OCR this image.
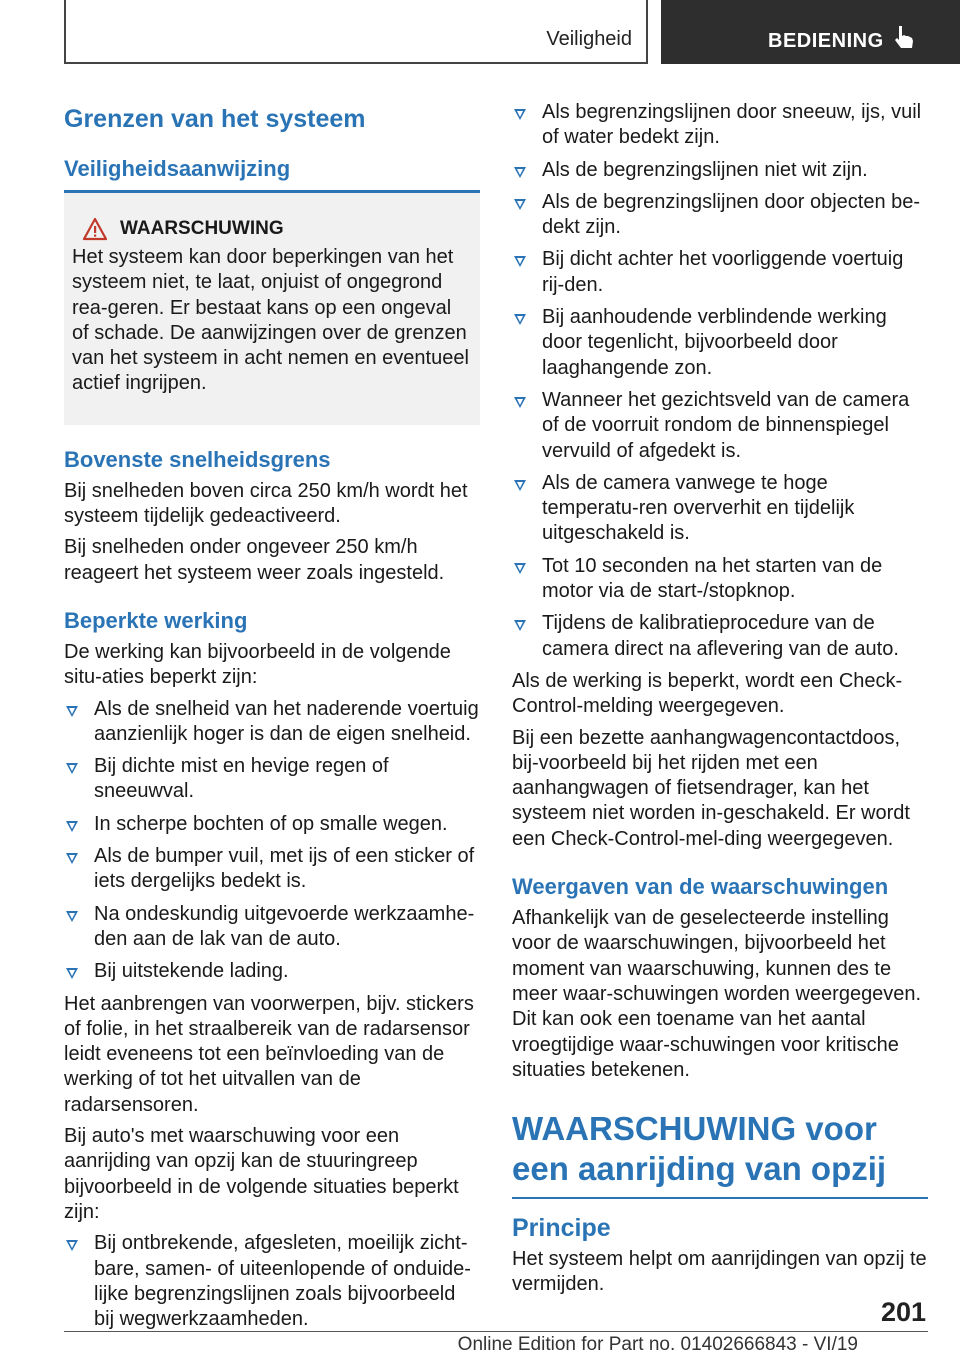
Veiligheid	BEDIENING
Grenzen van het systeem
Veiligheidsaanwijzing
WAARSCHUWING

Het systeem kan door beperkingen van het systeem niet, te laat, onjuist of ongegrond rea-geren. Er bestaat kans op een ongeval of schade. De aanwijzingen over de grenzen van het systeem in acht nemen en eventueel actief ingrijpen.

Bovenste snelheidsgrens

Bij snelheden boven circa 250 km/h wordt het systeem tijdelijk gedeactiveerd.

Bij snelheden onder ongeveer 250 km/h reageert het systeem weer zoals ingesteld.

Beperkte werking

De werking kan bijvoorbeeld in de volgende situ-aties beperkt zijn:

Als de snelheid van het naderende voertuig aanzienlijk hoger is dan de eigen snelheid.
Bij dichte mist en hevige regen of sneeuwval.
In scherpe bochten of op smalle wegen.
Als de bumper vuil, met ijs of een sticker of iets dergelijks bedekt is.
Na ondeskundig uitgevoerde werkzaamhe-den aan de lak van de auto.
Bij uitstekende lading.

Het aanbrengen van voorwerpen, bijv. stickers of folie, in het straalbereik van de radarsensor leidt eveneens tot een beïnvloeding van de werking of tot het uitvallen van de radarsensoren.

Bij auto's met waarschuwing voor een aanrijding van opzij kan de stuuringreep bijvoorbeeld in de volgende situaties beperkt zijn:

Bij ontbrekende, afgesleten, moeilijk zicht-bare, samen- of uiteenlopende of onduide-lijke begrenzingslijnen zoals bijvoorbeeld bij wegwerkzaamheden.
Als begrenzingslijnen door sneeuw, ijs, vuil of water bedekt zijn.
Als de begrenzingslijnen niet wit zijn.
Als de begrenzingslijnen door objecten be-dekt zijn.
Bij dicht achter het voorliggende voertuig rij-den.
Bij aanhoudende verblindende werking door tegenlicht, bijvoorbeeld door laaghangende zon.
Wanneer het gezichtsveld van de camera of de voorruit rondom de binnenspiegel vervuild of afgedekt is.
Als de camera vanwege te hoge temperatu-ren oververhit en tijdelijk uitgeschakeld is.
Tot 10 seconden na het starten van de motor via de start-/stopknop.
Tijdens de kalibratieprocedure van de camera direct na aflevering van de auto.

Als de werking is beperkt, wordt een Check-Control-melding weergegeven.

Bij een bezette aanhangwagencontactdoos, bij-voorbeeld bij het rijden met een aanhangwagen of fietsendrager, kan het systeem niet worden in-geschakeld. Er wordt een Check-Control-mel-ding weergegeven.

Weergaven van de waarschuwingen

Afhankelijk van de geselecteerde instelling voor de waarschuwingen, bijvoorbeeld het moment van waarschuwing, kunnen des te meer waar-schuwingen worden weergegeven. Dit kan ook een toename van het aantal vroegtijdige waar-schuwingen voor kritische situaties betekenen.

WAARSCHUWING voor een aanrijding van opzij
Principe

Het systeem helpt om aanrijdingen van opzij te vermijden.

201
Online Edition for Part no. 01402666843 - VI/19
